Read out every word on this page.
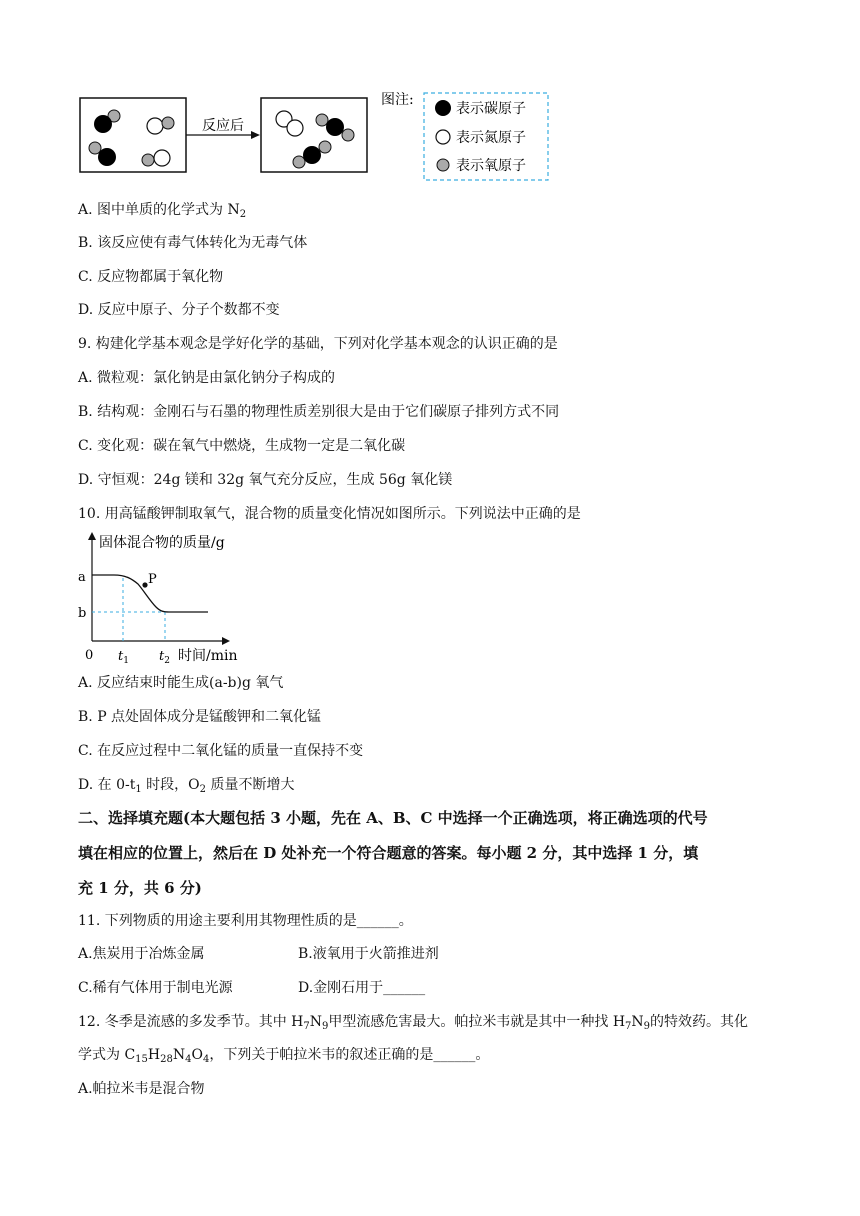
反应后
图注:
表示碳原子
表示氮原子
表示氧原子
A. 图中单质的化学式为 $N_2$
B. 该反应使有毒气体转化为无毒气体
C. 反应物都属于氧化物
D. 反应中原子、分子个数都不变
9. 构建化学基本观念是学好化学的基础，下列对化学基本观念的认识正确的是
A. 微粒观：氯化钠是由氯化钠分子构成的
B. 结构观：金刚石与石墨的物理性质差别很大是由于它们碳原子排列方式不同
C. 变化观：碳在氧气中燃烧，生成物一定是二氧化碳
D. 守恒观：24g 镁和 32g 氧气充分反应，生成 56g 氧化镁
10. 用高锰酸钾制取氧气，混合物的质量变化情况如图所示。下列说法中正确的是
固体混合物的质量/g
a
b
0
P
$t_1$ $t_2$ 时间/min
A. 反应结束时能生成(a-b)g 氧气
B. P 点处固体成分是锰酸钾和二氧化锰
C. 在反应过程中二氧化锰的质量一直保持不变
D. 在 $0-t_1$ 时段，$O_2$ 质量不断增大
二、选择填充题(本大题包括 3 小题，先在 A、B、C 中选择一个正确选项，将正确选项的代号
填在相应的位置上，然后在 D 处补充一个符合题意的答案。每小题 2 分，其中选择 1 分，填
充 1 分，共 6 分)
11. 下列物质的用途主要利用其物理性质的是______。
A.焦炭用于冶炼金属	B.液氧用于火箭推进剂
C.稀有气体用于制电光源	D.金刚石用于______
12. 冬季是流感的多发季节。其中 $H_7N_9$甲型流感危害最大。帕拉米韦就是其中一种找 $H_7N_9$的特效药。其化
学式为 $C_{15}H_{28}N_4O_4$，下列关于帕拉米韦的叙述正确的是______。
A.帕拉米韦是混合物
